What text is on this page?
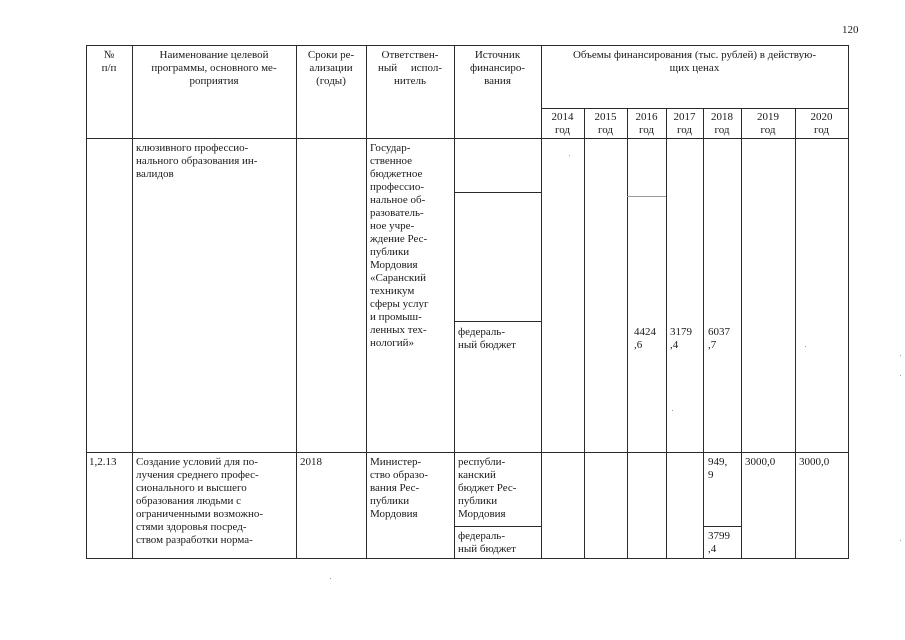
120
№
п/п
Наименование целевой
программы, основного ме-
роприятия
Сроки ре-
ализации
(годы)
Ответствен-
ный     испол-
нитель
Источник
финансиро-
вания
Объемы финансирования (тыс. рублей) в действую-
щих ценах
2014
год
2015
год
2016
год
2017
год
2018
год
2019
год
2020
год
клюзивного профессио-
нального образования ин-
валидов
Государ-
ственное
бюджетное
профессио-
нальное об-
разователь-
ное учре-
ждение Рес-
публики
Мордовия
«Саранский
техникум
сферы услуг
и промыш-
ленных тех-
нологий»
федераль-
ный бюджет
4424
,6
3179
,4
6037
,7
1,2.13 Создание условий для по-
лучения среднего профес-
сионального и высшего
образования людьми с
ограниченными возможно-
стями здоровья посред-
ством разработки норма-
2018	Министер-
ство образо-
вания Рес-
публики
Мордовия
республи-
канский
бюджет Рес-
публики
Мордовия
949,
9
3000,0 3000,0
федераль-
ный бюджет
3799
,4
